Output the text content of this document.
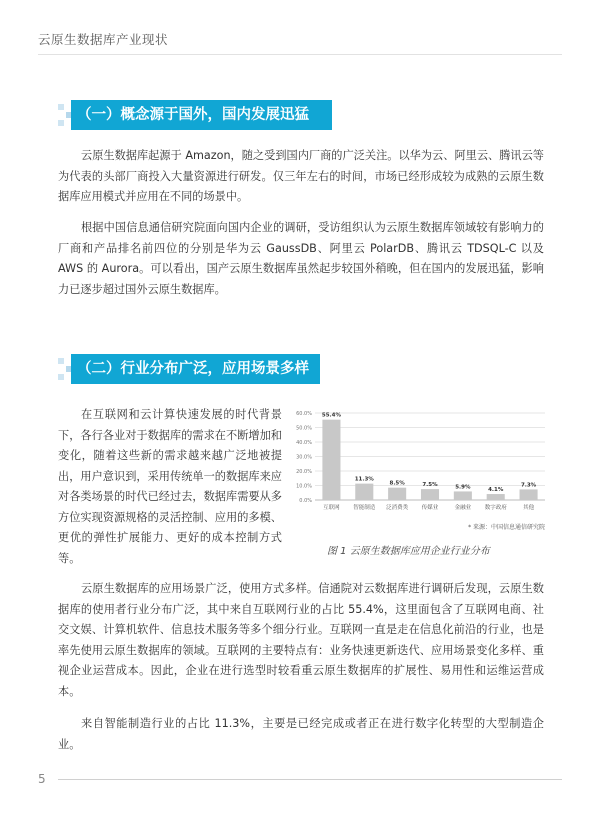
云原生数据库产业现状
（一）概念源于国外，国内发展迅猛

云原生数据库起源于 Amazon，随之受到国内厂商的广泛关注。以华为云、阿里云、腾讯云等为代表的头部厂商投入大量资源进行研发。仅三年左右的时间，市场已经形成较为成熟的云原生数据库应用模式并应用在不同的场景中。

根据中国信息通信研究院面向国内企业的调研，受访组织认为云原生数据库领域较有影响力的厂商和产品排名前四位的分别是华为云 GaussDB、阿里云 PolarDB、腾讯云 TDSQL-C 以及 AWS 的 Aurora。可以看出，国产云原生数据库虽然起步较国外稍晚，但在国内的发展迅猛，影响力已逐步超过国外云原生数据库。

（二）行业分布广泛，应用场景多样

在互联网和云计算快速发展的时代背景下，各行各业对于数据库的需求在不断增加和变化，随着这些新的需求越来越广泛地被提出，用户意识到，采用传统单一的数据库来应对各类场景的时代已经过去，数据库需要从多方位实现资源规格的灵活控制、应用的多模、更优的弹性扩展能力、更好的成本控制方式等。

0.0%
10.0%
20.0%
30.0%
40.0%
50.0%
60.0% 55.4%
互联网
11.3%
智能制造
8.5%
泛消费类
7.5%
传媒业
5.9%
金融业
4.1%
数字政府
7.3%
其他
* 来源：中国信息通信研究院
图 1 云原生数据库应用企业行业分布

云原生数据库的应用场景广泛，使用方式多样。信通院对云数据库进行调研后发现，云原生数据库的使用者行业分布广泛，其中来自互联网行业的占比 55.4%，这里面包含了互联网电商、社交文娱、计算机软件、信息技术服务等多个细分行业。互联网一直是走在信息化前沿的行业，也是率先使用云原生数据库的领域。互联网的主要特点有：业务快速更新迭代、应用场景变化多样、重视企业运营成本。因此，企业在进行选型时较看重云原生数据库的扩展性、易用性和运维运营成本。

来自智能制造行业的占比 11.3%，主要是已经完成或者正在进行数字化转型的大型制造企业。

5
